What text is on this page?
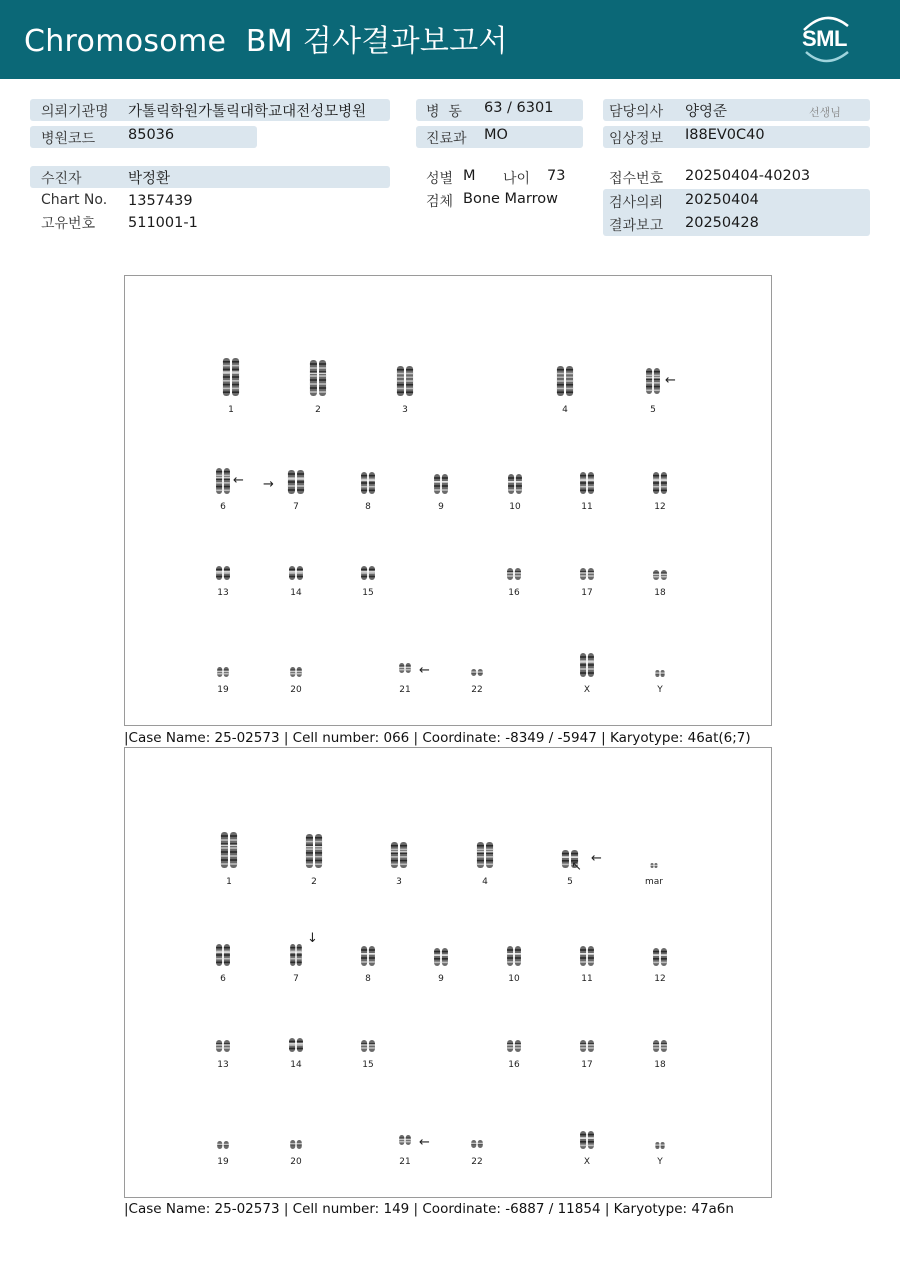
Chromosome  BM 검사결과보고서	SML
의뢰기관명 가톨릭학원가톨릭대학교대전성모병원
병원코드 85036
수진자	박정환
Chart No. 1357439
고유번호 511001-1
병  동 63 / 6301
진료과 MO
성별 M 나이 73
검체 Bone Marrow
담당의사 양영준	선생님
임상정보 I88EV0C40
접수번호 20250404-40203
검사의뢰 20250404
결과보고 20250428
1	2	3	4	5
6	7	8	9	10	11	12
13	14	15	16	17	18
19	20	21	22	X	Y
←
← →
←
|Case Name: 25-02573 | Cell number: 066 | Coordinate: -8349 / -5947 | Karyotype: 46at(6;7)
1	2	3	4	5	mar
6	7	8	9	10	11	12
13	14	15	16	17	18
19	20	21	22	X	Y
←
↖
↓
←
|Case Name: 25-02573 | Cell number: 149 | Coordinate: -6887 / 11854 | Karyotype: 47a6n
